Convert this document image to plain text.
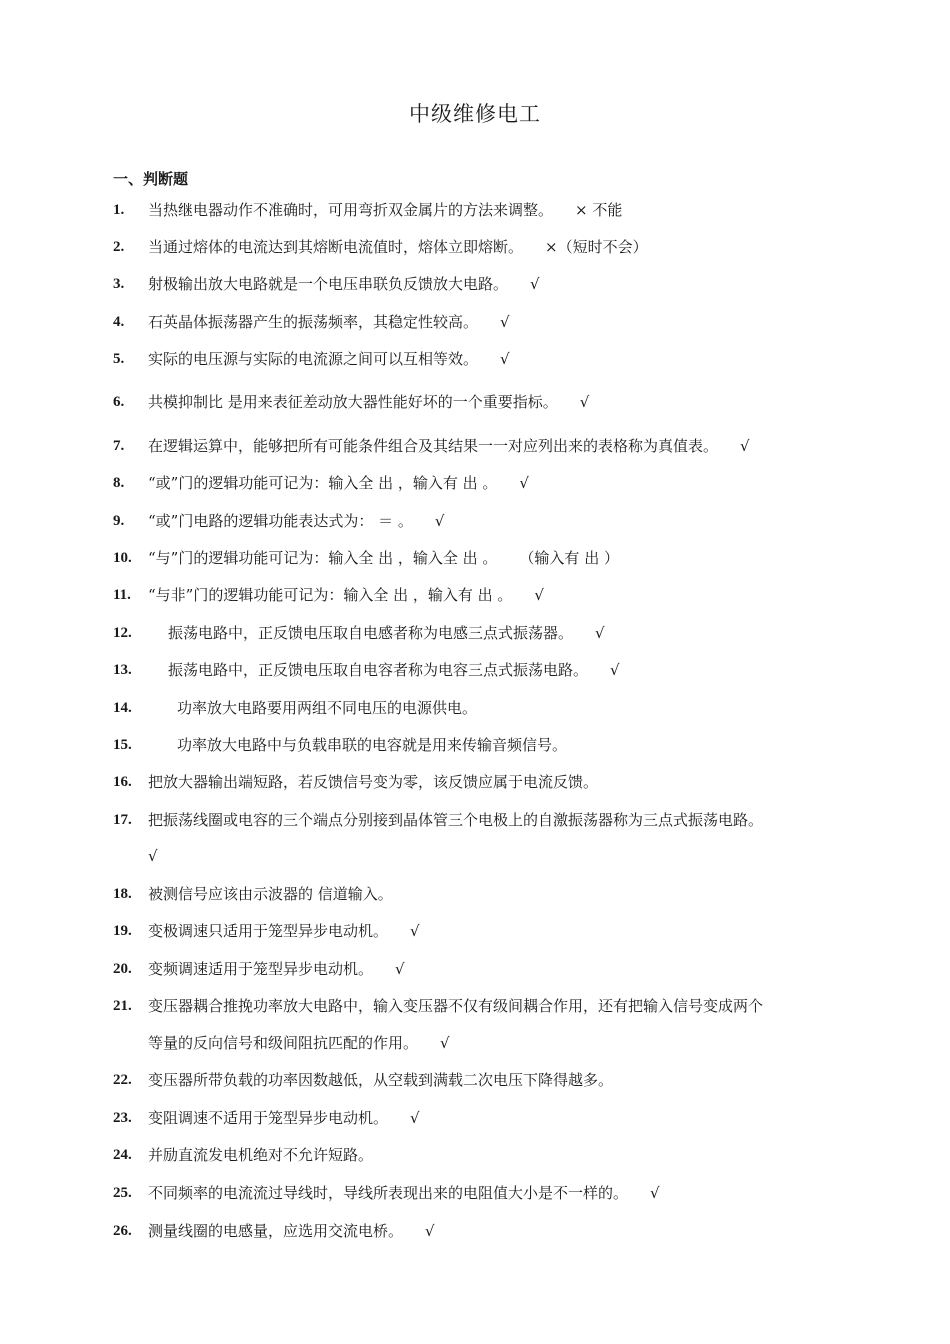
中级维修电工
一、判断题
1. 当热继电器动作不准确时，可用弯折双金属片的方法来调整。 × 不能
2. 当通过熔体的电流达到其熔断电流值时，熔体立即熔断。 ×（短时不会）
3. 射极输出放大电路就是一个电压串联负反馈放大电路。 √
4. 石英晶体振荡器产生的振荡频率，其稳定性较高。 √
5. 实际的电压源与实际的电流源之间可以互相等效。 √
6. 共模抑制比 是用来表征差动放大器性能好坏的一个重要指标。 √
7. 在逻辑运算中，能够把所有可能条件组合及其结果一一对应列出来的表格称为真值表。 √
8. “或”门的逻辑功能可记为：输入全 出 ，输入有 出 。 √
9. “或”门电路的逻辑功能表达式为： ＝ 。 √
10. “与”门的逻辑功能可记为：输入全 出 ，输入全 出 。 （输入有 出 ）
11. “与非”门的逻辑功能可记为：输入全 出 ，输入有 出 。 √
12. 振荡电路中，正反馈电压取自电感者称为电感三点式振荡器。 √
13. 振荡电路中，正反馈电压取自电容者称为电容三点式振荡电路。 √
14.	功率放大电路要用两组不同电压的电源供电。
15.	功率放大电路中与负载串联的电容就是用来传输音频信号。
16. 把放大器输出端短路，若反馈信号变为零，该反馈应属于电流反馈。
17. 把振荡线圈或电容的三个端点分别接到晶体管三个电极上的自激振荡器称为三点式振荡电路。
√
18. 被测信号应该由示波器的 信道输入。
19. 变极调速只适用于笼型异步电动机。 √
20. 变频调速适用于笼型异步电动机。 √
21. 变压器耦合推挽功率放大电路中，输入变压器不仅有级间耦合作用，还有把输入信号变成两个
等量的反向信号和级间阻抗匹配的作用。 √
22. 变压器所带负载的功率因数越低，从空载到满载二次电压下降得越多。
23. 变阻调速不适用于笼型异步电动机。 √
24. 并励直流发电机绝对不允许短路。
25. 不同频率的电流流过导线时，导线所表现出来的电阻值大小是不一样的。 √
26. 测量线圈的电感量，应选用交流电桥。 √
